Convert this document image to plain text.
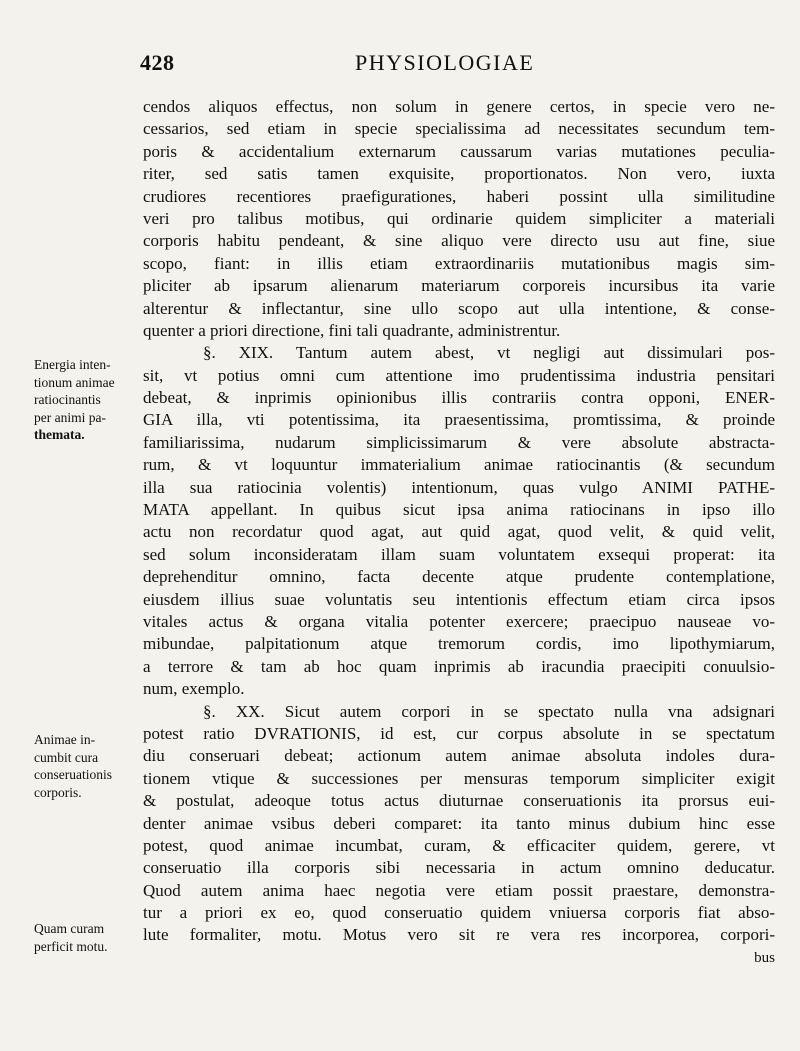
428	PHYSIOLOGIAE
cendos aliquos effectus, non solum in genere certos, in specie vero ne-
cessarios, sed etiam in specie specialissima ad necessitates secundum tem-
poris & accidentalium externarum caussarum varias mutationes peculia-
riter, sed satis tamen exquisite, proportionatos. Non vero, iuxta
crudiores recentiores praefigurationes, haberi possint ulla similitudine
veri pro talibus motibus, qui ordinarie quidem simpliciter a materiali
corporis habitu pendeant, & sine aliquo vere directo usu aut fine, siue
scopo, fiant: in illis etiam extraordinariis mutationibus magis sim-
pliciter ab ipsarum alienarum materiarum corporeis incursibus ita varie
alterentur & inflectantur, sine ullo scopo aut ulla intentione, & conse-
quenter a priori directione, fini tali quadrante, administrentur.
§. XIX. Tantum autem abest, vt negligi aut dissimulari pos-
sit, vt potius omni cum attentione imo prudentissima industria pensitari
debeat, & inprimis opinionibus illis contrariis contra opponi, ENER-
GIA illa, vti potentissima, ita praesentissima, promtissima, & proinde
familiarissima, nudarum simplicissimarum & vere absolute abstracta-
rum, & vt loquuntur immaterialium animae ratiocinantis (& secundum
illa sua ratiocinia volentis) intentionum, quas vulgo ANIMI PATHE-
MATA appellant. In quibus sicut ipsa anima ratiocinans in ipso illo
actu non recordatur quod agat, aut quid agat, quod velit, & quid velit,
sed solum inconsideratam illam suam voluntatem exsequi properat: ita
deprehenditur omnino, facta decente atque prudente contemplatione,
eiusdem illius suae voluntatis seu intentionis effectum etiam circa ipsos
vitales actus & organa vitalia potenter exercere; praecipuo nauseae vo-
mibundae, palpitationum atque tremorum cordis, imo lipothymiarum,
a terrore & tam ab hoc quam inprimis ab iracundia praecipiti conuulsio-
num, exemplo.
§. XX. Sicut autem corpori in se spectato nulla vna adsignari
potest ratio DVRATIONIS, id est, cur corpus absolute in se spectatum
diu conseruari debeat; actionum autem animae absoluta indoles dura-
tionem vtique & successiones per mensuras temporum simpliciter exigit
& postulat, adeoque totus actus diuturnae conseruationis ita prorsus eui-
denter animae vsibus deberi comparet: ita tanto minus dubium hinc esse
potest, quod animae incumbat, curam, & efficaciter quidem, gerere, vt
conseruatio illa corporis sibi necessaria in actum omnino deducatur.
Quod autem anima haec negotia vere etiam possit praestare, demonstra-
tur a priori ex eo, quod conseruatio quidem vniuersa corporis fiat abso-
lute formaliter, motu. Motus vero sit re vera res incorporea, corpori-
bus
Energia inten-
tionum animae
ratiocinantis
per animi pa-
themata.
Animae in-
cumbit cura
conseruationis
corporis.
Quam curam
perficit motu.
